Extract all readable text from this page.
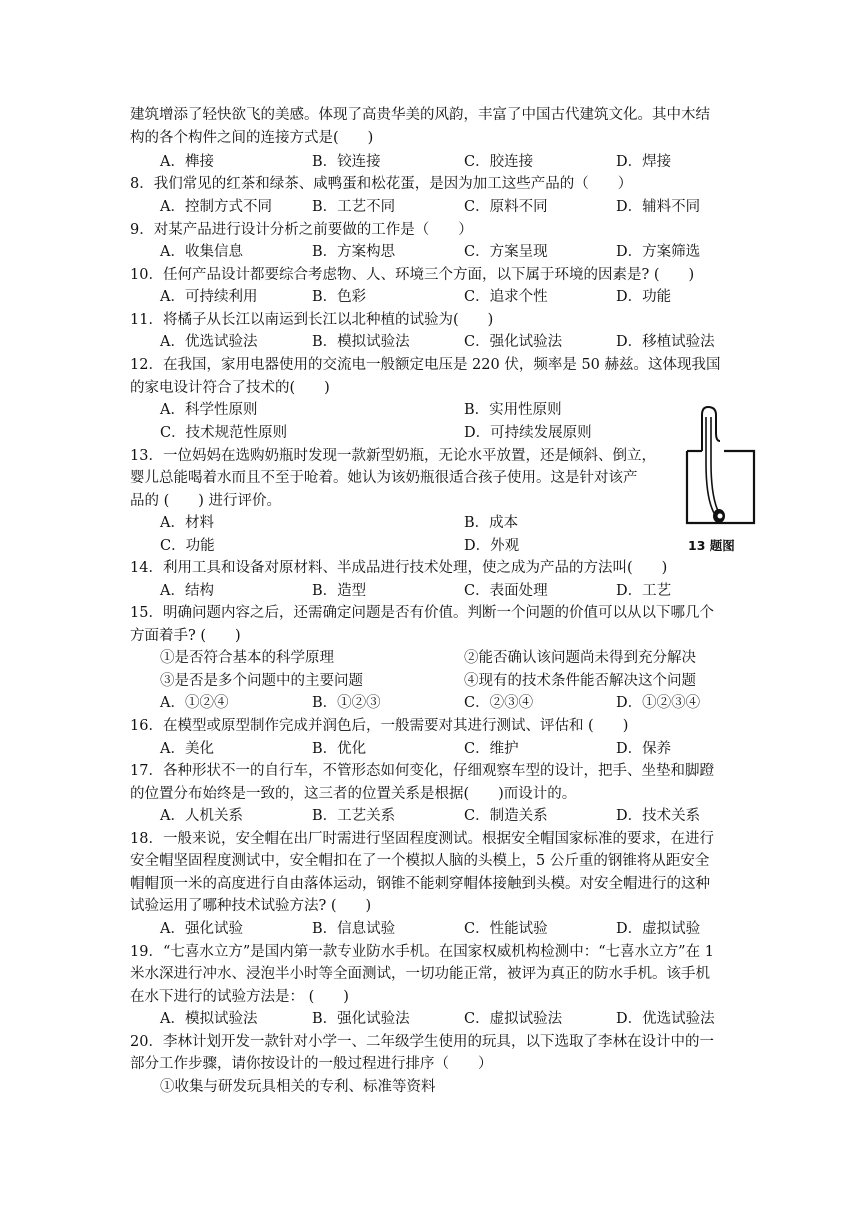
建筑增添了轻快欲飞的美感。体现了高贵华美的风韵，丰富了中国古代建筑文化。其中木结
构的各个构件之间的连接方式是(　　)
A．榫接	B．铰连接	C．胶连接	D．焊接
8．我们常见的红茶和绿茶、咸鸭蛋和松花蛋，是因为加工这些产品的（　　）
A．控制方式不同	B．工艺不同	C．原料不同	D．辅料不同
9．对某产品进行设计分析之前要做的工作是（　　）
A．收集信息	B．方案构思	C．方案呈现	D．方案筛选
10．任何产品设计都要综合考虑物、人、环境三个方面，以下属于环境的因素是? (　　)
A．可持续利用	B．色彩	C．追求个性	D．功能
11．将橘子从长江以南运到长江以北种植的试验为(　　)
A．优选试验法	B．模拟试验法	C．强化试验法	D．移植试验法
12．在我国，家用电器使用的交流电一般额定电压是 220 伏，频率是 50 赫兹。这体现我国
的家电设计符合了技术的(　　)
A．科学性原则	B．实用性原则
C．技术规范性原则	D．可持续发展原则
13．一位妈妈在选购奶瓶时发现一款新型奶瓶，无论水平放置，还是倾斜、倒立，
婴儿总能喝着水而且不至于呛着。她认为该奶瓶很适合孩子使用。这是针对该产
品的 (　　) 进行评价。
A．材料	B．成本
C．功能	D．外观	13 题图
14．利用工具和设备对原材料、半成品进行技术处理，使之成为产品的方法叫(　　)
A．结构	B．造型	C．表面处理	D．工艺
15．明确问题内容之后，还需确定问题是否有价值。判断一个问题的价值可以从以下哪几个
方面着手? (　　)
①是否符合基本的科学原理	②能否确认该问题尚未得到充分解决
③是否是多个问题中的主要问题	④现有的技术条件能否解决这个问题
A．①②④	B．①②③	C．②③④	D．①②③④
16．在模型或原型制作完成并润色后，一般需要对其进行测试、评估和 (　　)
A．美化	B．优化	C．维护	D．保养
17．各种形状不一的自行车，不管形态如何变化，仔细观察车型的设计，把手、坐垫和脚蹬
的位置分布始终是一致的，这三者的位置关系是根据(　　)而设计的。
A．人机关系	B．工艺关系	C．制造关系	D．技术关系
18．一般来说，安全帽在出厂时需进行坚固程度测试。根据安全帽国家标准的要求，在进行
安全帽坚固程度测试中，安全帽扣在了一个模拟人脑的头模上，5 公斤重的钢锥将从距安全
帽帽顶一米的高度进行自由落体运动，钢锥不能刺穿帽体接触到头模。对安全帽进行的这种
试验运用了哪种技术试验方法? (　　)
A．强化试验	B．信息试验	C．性能试验	D．虚拟试验
19．“七喜水立方”是国内第一款专业防水手机。在国家权威机构检测中：“七喜水立方”在 1
米水深进行冲水、浸泡半小时等全面测试，一切功能正常，被评为真正的防水手机。该手机
在水下进行的试验方法是： (　　)
A．模拟试验法	B．强化试验法	C．虚拟试验法	D．优选试验法
20．李林计划开发一款针对小学一、二年级学生使用的玩具，以下选取了李林在设计中的一
部分工作步骤，请你按设计的一般过程进行排序（　　）
①收集与研发玩具相关的专利、标准等资料
